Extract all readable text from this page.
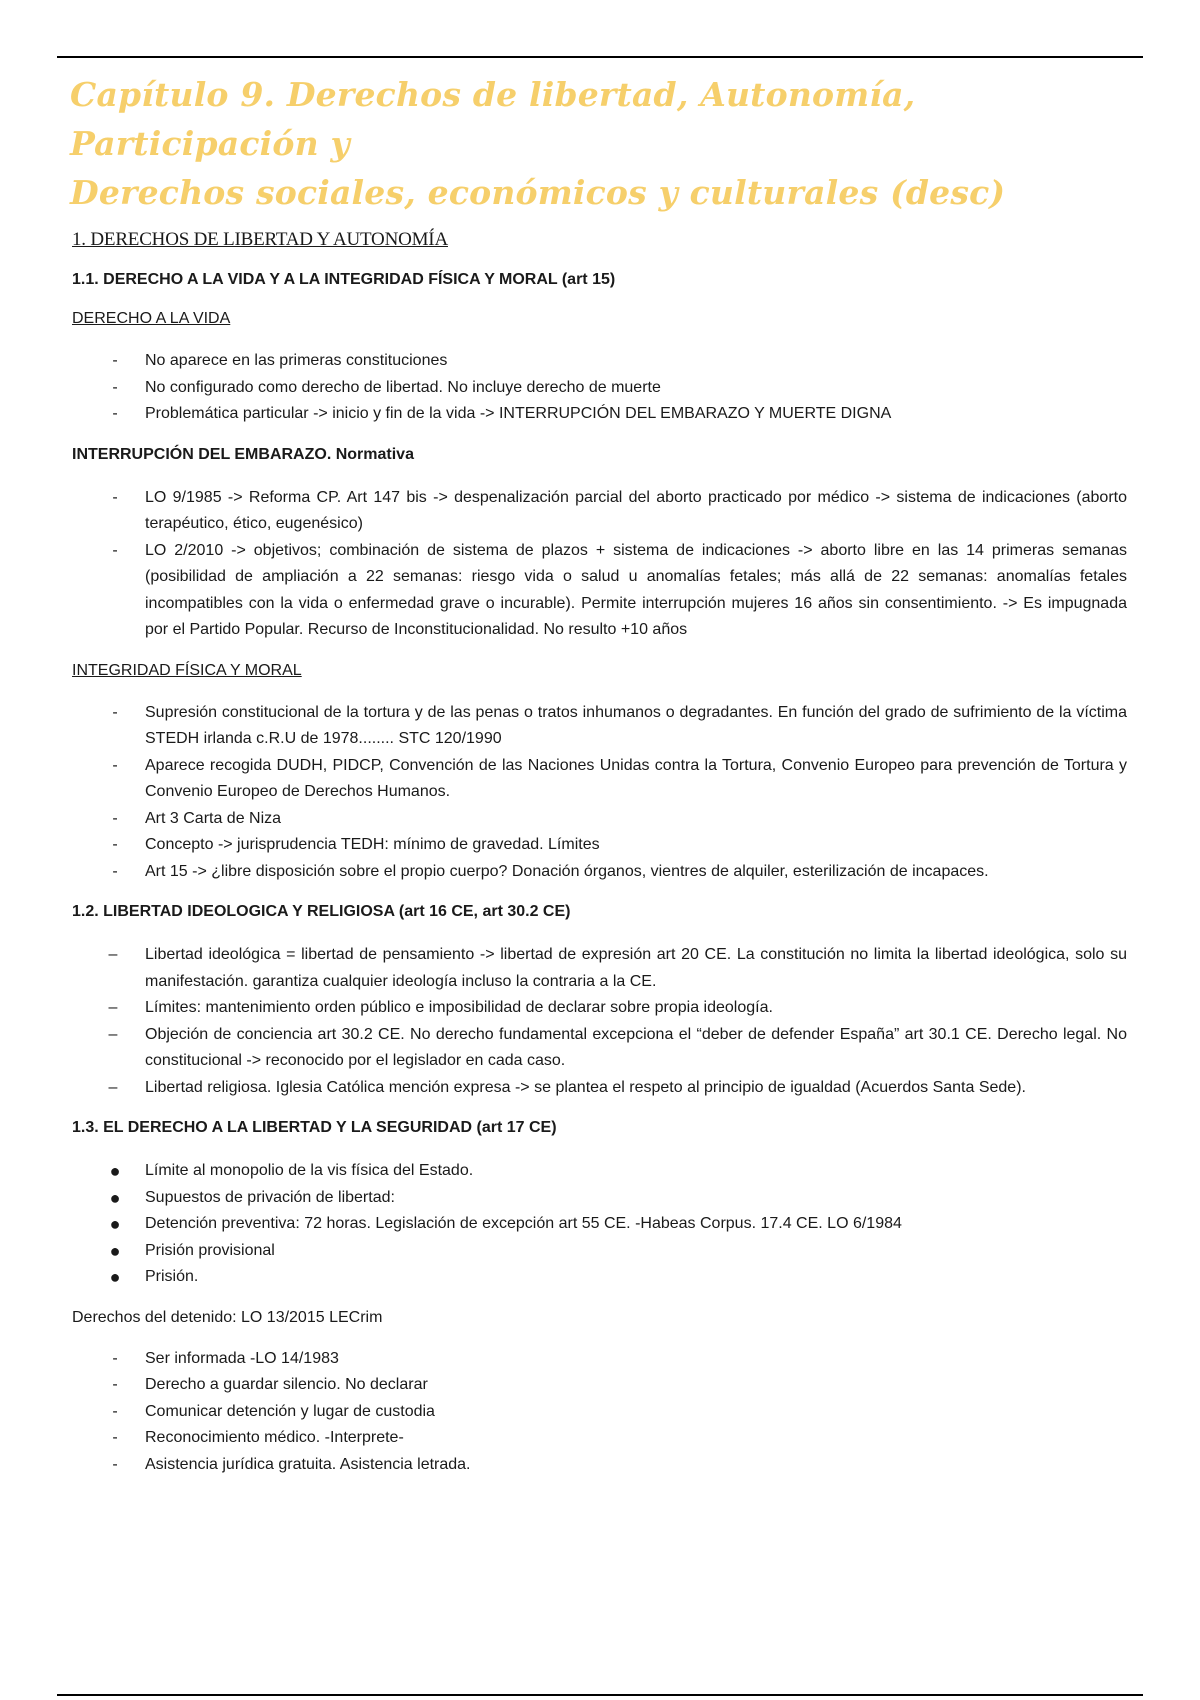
Capítulo 9. Derechos de libertad, Autonomía, Participación y
Derechos sociales, económicos y culturales (desc)
1. DERECHOS DE LIBERTAD Y AUTONOMÍA
1.1. DERECHO A LA VIDA Y A LA INTEGRIDAD FÍSICA Y MORAL (art 15)
DERECHO A LA VIDA
- No aparece en las primeras constituciones
- No configurado como derecho de libertad. No incluye derecho de muerte
- Problemática particular -> inicio y fin de la vida -> INTERRUPCIÓN DEL EMBARAZO Y MUERTE DIGNA
INTERRUPCIÓN DEL EMBARAZO. Normativa
- LO 9/1985 -> Reforma CP. Art 147 bis -> despenalización parcial del aborto practicado por médico -> sistema de indicaciones (aborto terapéutico, ético, eugenésico)
- LO 2/2010 -> objetivos; combinación de sistema de plazos + sistema de indicaciones -> aborto libre en las 14 primeras semanas (posibilidad de ampliación a 22 semanas: riesgo vida o salud u anomalías fetales; más allá de 22 semanas: anomalías fetales incompatibles con la vida o enfermedad grave o incurable). Permite interrupción mujeres 16 años sin consentimiento. -> Es impugnada por el Partido Popular. Recurso de Inconstitucionalidad. No resulto +10 años
INTEGRIDAD FÍSICA Y MORAL
- Supresión constitucional de la tortura y de las penas o tratos inhumanos o degradantes. En función del grado de sufrimiento de la víctima STEDH irlanda c.R.U de 1978........ STC 120/1990
- Aparece recogida DUDH, PIDCP, Convención de las Naciones Unidas contra la Tortura, Convenio Europeo para prevención de Tortura y Convenio Europeo de Derechos Humanos.
- Art 3 Carta de Niza
- Concepto -> jurisprudencia TEDH: mínimo de gravedad. Límites
- Art 15 -> ¿libre disposición sobre el propio cuerpo? Donación órganos, vientres de alquiler, esterilización de incapaces.
1.2. LIBERTAD IDEOLOGICA Y RELIGIOSA (art 16 CE, art 30.2 CE)
– Libertad ideológica = libertad de pensamiento -> libertad de expresión art 20 CE. La constitución no limita la libertad ideológica, solo su manifestación. garantiza cualquier ideología incluso la contraria a la CE.
– Límites: mantenimiento orden público e imposibilidad de declarar sobre propia ideología.
– Objeción de conciencia art 30.2 CE. No derecho fundamental excepciona el “deber de defender España” art 30.1 CE. Derecho legal. No constitucional -> reconocido por el legislador en cada caso.
– Libertad religiosa. Iglesia Católica mención expresa -> se plantea el respeto al principio de igualdad (Acuerdos Santa Sede).
1.3. EL DERECHO A LA LIBERTAD Y LA SEGURIDAD (art 17 CE)
● Límite al monopolio de la vis física del Estado.
● Supuestos de privación de libertad:
● Detención preventiva: 72 horas. Legislación de excepción art 55 CE. -Habeas Corpus. 17.4 CE. LO 6/1984
● Prisión provisional
● Prisión.
Derechos del detenido: LO 13/2015 LECrim
- Ser informada -LO 14/1983
- Derecho a guardar silencio. No declarar
- Comunicar detención y lugar de custodia
- Reconocimiento médico. -Interprete-
- Asistencia jurídica gratuita. Asistencia letrada.
